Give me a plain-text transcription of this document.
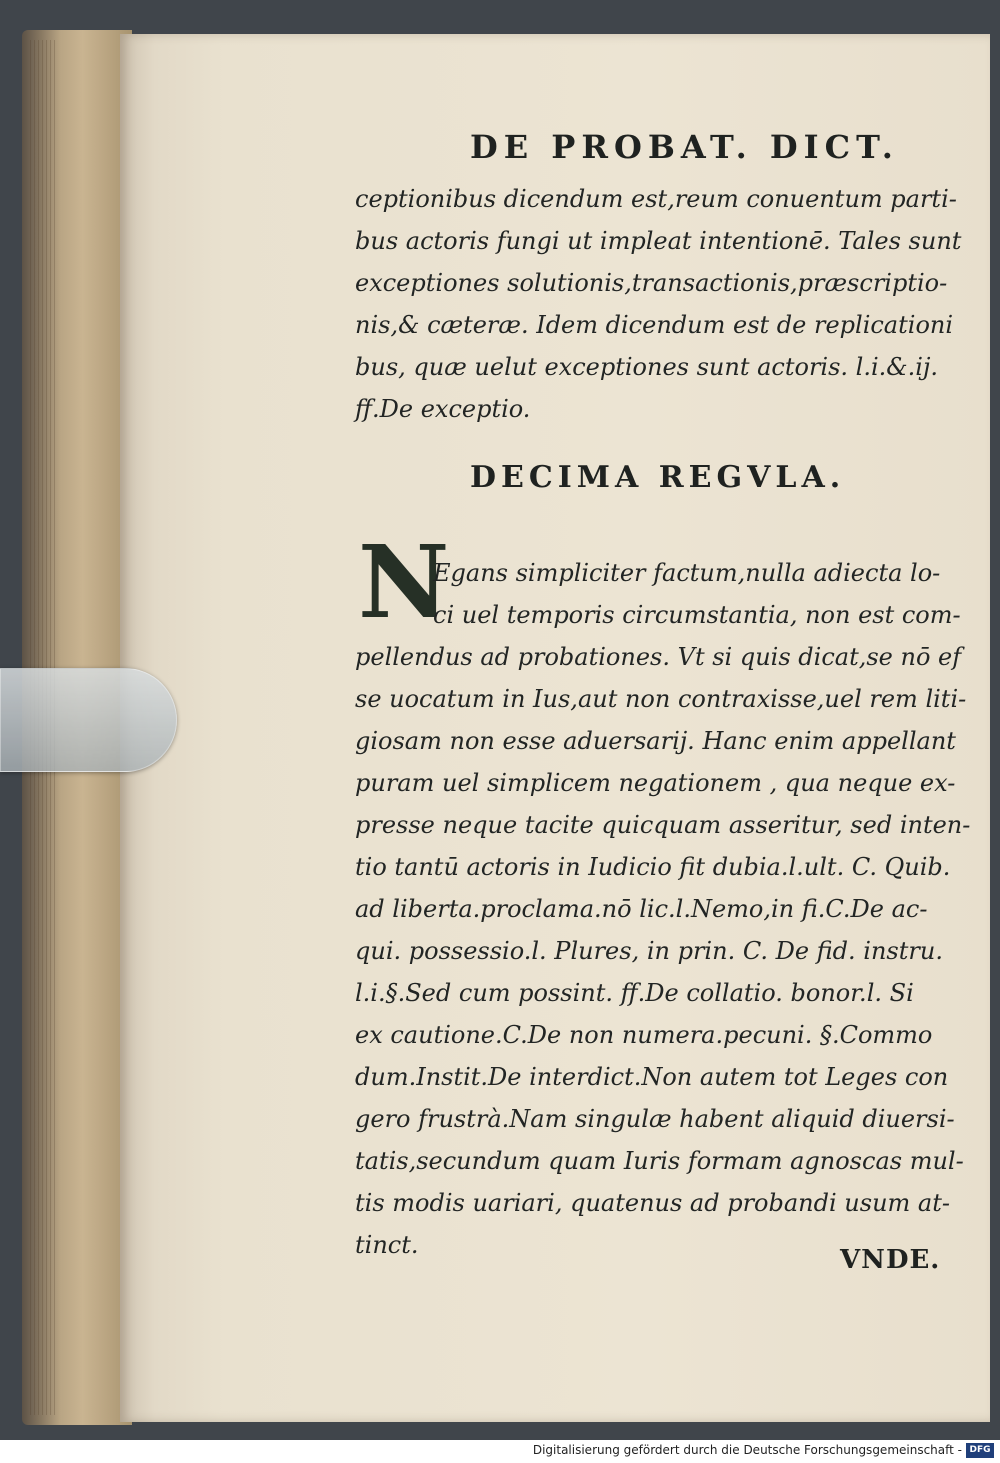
DE PROBAT. DICT.
ceptionibus dicendum est,reum conuentum parti-
bus actoris fungi ut impleat intentionē. Tales sunt
exceptiones solutionis,transactionis,præscriptio-
nis,& cæteræ. Idem dicendum est de replicationi
bus, quæ uelut exceptiones sunt actoris. l.i.&.ij.
ff.De exceptio.
DECIMA REGVLA.
N
Egans simpliciter factum,nulla adiecta lo-
ci uel temporis circumstantia, non est com-
pellendus ad probationes. Vt si quis dicat,se nō ef
se uocatum in Ius,aut non contraxisse,uel rem liti-
giosam non esse aduersarij. Hanc enim appellant
puram uel simplicem negationem , qua neque ex-
presse neque tacite quicquam asseritur, sed inten-
tio tantū actoris in Iudicio fit dubia.l.ult. C. Quib.
ad liberta.proclama.nō lic.l.Nemo,in fi.C.De ac-
qui. possessio.l. Plures, in prin. C. De fid. instru.
l.i.§.Sed cum possint. ff.De collatio. bonor.l. Si
ex cautione.C.De non numera.pecuni. §.Commo
dum.Instit.De interdict.Non autem tot Leges con
gero frustrà.Nam singulæ habent aliquid diuersi-
tatis,secundum quam Iuris formam agnoscas mul-
tis modis uariari, quatenus ad probandi usum at-
tinct.	VNDE.
Digitalisierung gefördert durch die Deutsche Forschungsgemeinschaft - DFG
